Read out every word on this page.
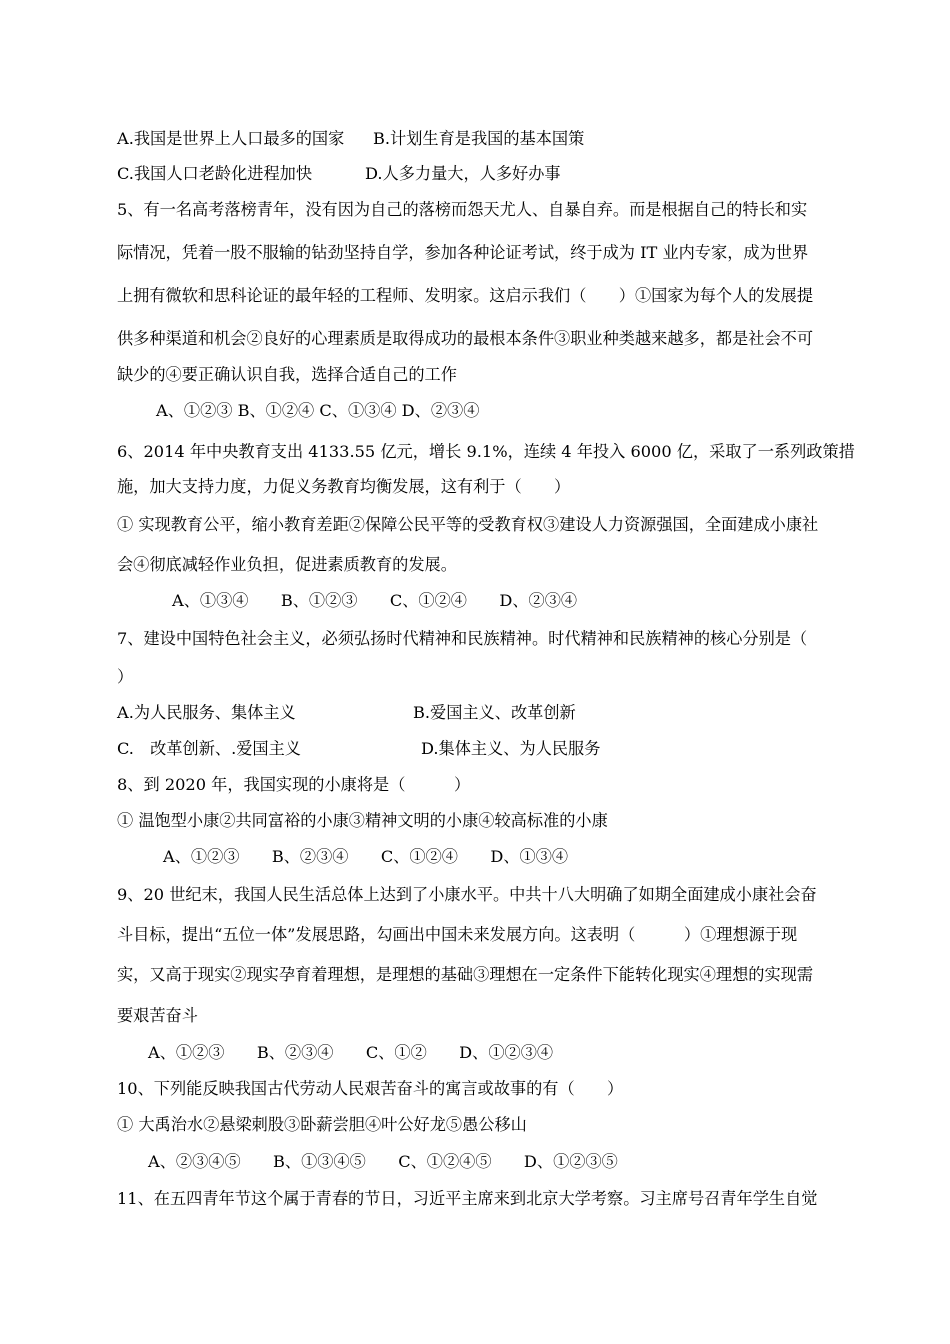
A.我国是世界上人口最多的国家 B.计划生育是我国的基本国策
C.我国人口老龄化进程加快	D.人多力量大，人多好办事
5、有一名高考落榜青年，没有因为自己的落榜而怨天尤人、自暴自弃。而是根据自己的特长和实
际情况，凭着一股不服输的钻劲坚持自学，参加各种论证考试，终于成为 IT 业内专家，成为世界
上拥有微软和思科论证的最年轻的工程师、发明家。这启示我们（　　）①国家为每个人的发展提
供多种渠道和机会②良好的心理素质是取得成功的最根本条件③职业种类越来越多，都是社会不可
缺少的④要正确认识自我，选择合适自己的工作
A、①②③ B、①②④ C、①③④ D、②③④
6、2014 年中央教育支出 4133.55 亿元，增长 9.1%，连续 4 年投入 6000 亿，采取了一系列政策措
施，加大支持力度，力促义务教育均衡发展，这有利于（　　）
① 实现教育公平，缩小教育差距②保障公民平等的受教育权③建设人力资源强国，全面建成小康社
会④彻底减轻作业负担，促进素质教育的发展。
A、①③④　　B、①②③　　C、①②④　　D、②③④
7、建设中国特色社会主义，必须弘扬时代精神和民族精神。时代精神和民族精神的核心分别是（
）
A.为人民服务、集体主义	B.爱国主义、改革创新
C.　改革创新、.爱国主义	D.集体主义、为人民服务
8、到 2020 年，我国实现的小康将是（　　　）
① 温饱型小康②共同富裕的小康③精神文明的小康④较高标准的小康
A、①②③　　B、②③④　　C、①②④　　D、①③④
9、20 世纪末，我国人民生活总体上达到了小康水平。中共十八大明确了如期全面建成小康社会奋
斗目标，提出“五位一体”发展思路，勾画出中国未来发展方向。这表明（　　　）①理想源于现
实，又高于现实②现实孕育着理想，是理想的基础③理想在一定条件下能转化现实④理想的实现需
要艰苦奋斗
A、①②③　　B、②③④　　C、①②　　D、①②③④
10、下列能反映我国古代劳动人民艰苦奋斗的寓言或故事的有（　　）
① 大禹治水②悬梁刺股③卧薪尝胆④叶公好龙⑤愚公移山
A、②③④⑤　　B、①③④⑤　　C、①②④⑤　　D、①②③⑤
11、在五四青年节这个属于青春的节日，习近平主席来到北京大学考察。习主席号召青年学生自觉
